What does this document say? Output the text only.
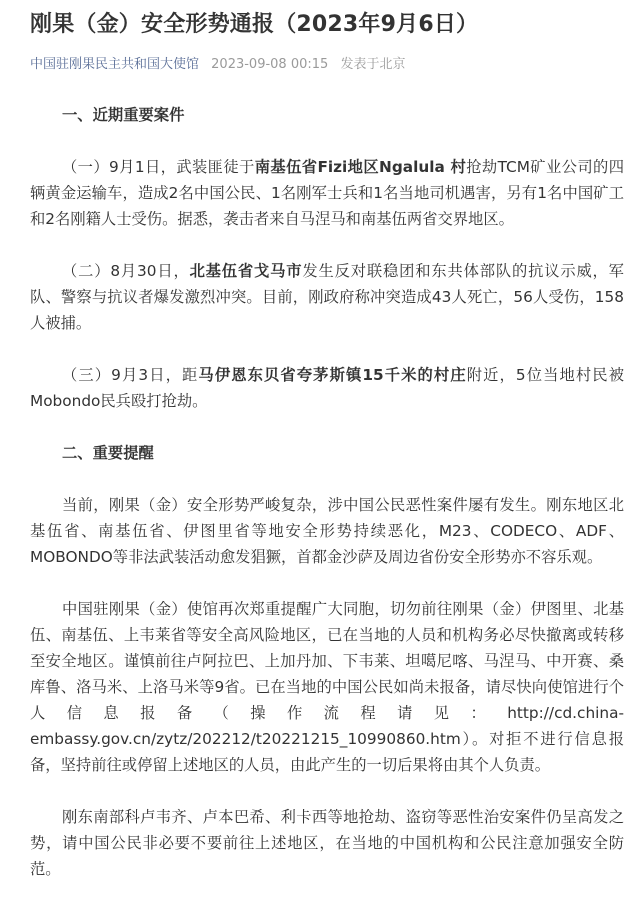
刚果（金）安全形势通报（2023年9月6日）
中国驻刚果民主共和国大使馆 2023-09-08 00:15 发表于北京

一、近期重要案件

（一）9月1日，武装匪徒于南基伍省Fizi地区Ngalula 村抢劫TCM矿业公司的四辆黄金运输车，造成2名中国公民、1名刚军士兵和1名当地司机遇害，另有1名中国矿工和2名刚籍人士受伤。据悉，袭击者来自马涅马和南基伍两省交界地区。

（二）8月30日，北基伍省戈马市发生反对联稳团和东共体部队的抗议示威，军队、警察与抗议者爆发激烈冲突。目前，刚政府称冲突造成43人死亡，56人受伤，158人被捕。

（三）9月3日，距马伊恩东贝省夸茅斯镇15千米的村庄附近，5位当地村民被Mobondo民兵殴打抢劫。

二、重要提醒

当前，刚果（金）安全形势严峻复杂，涉中国公民恶性案件屡有发生。刚东地区北基伍省、南基伍省、伊图里省等地安全形势持续恶化，M23、CODECO、ADF、MOBONDO等非法武装活动愈发猖獗，首都金沙萨及周边省份安全形势亦不容乐观。

中国驻刚果（金）使馆再次郑重提醒广大同胞，切勿前往刚果（金）伊图里、北基伍、南基伍、上韦莱省等安全高风险地区，已在当地的人员和机构务必尽快撤离或转移至安全地区。谨慎前往卢阿拉巴、上加丹加、下韦莱、坦噶尼喀、马涅马、中开赛、桑库鲁、洛马米、上洛马米等9省。已在当地的中国公民如尚未报备，请尽快向使馆进行个人信息报备（操作流程请见：http://cd.china-embassy.gov.cn/zytz/202212/t20221215_10990860.htm）。对拒不进行信息报备，坚持前往或停留上述地区的人员，由此产生的一切后果将由其个人负责。

刚东南部科卢韦齐、卢本巴希、利卡西等地抢劫、盗窃等恶性治安案件仍呈高发之势，请中国公民非必要不要前往上述地区，在当地的中国机构和公民注意加强安全防范。
